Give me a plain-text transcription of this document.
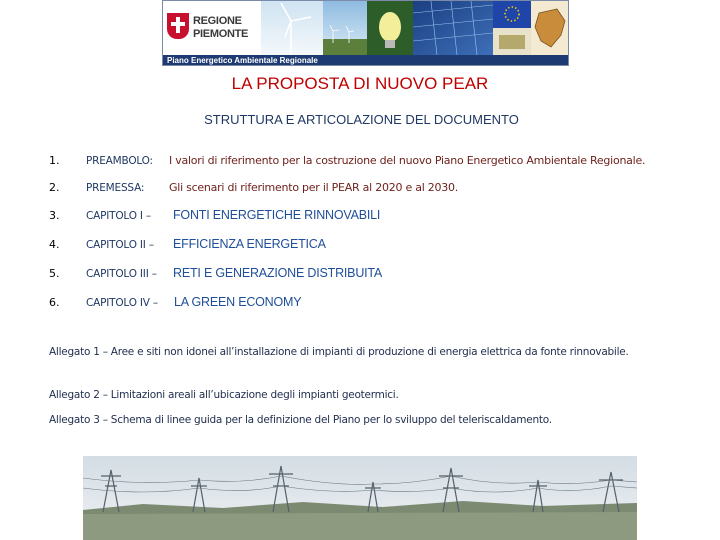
REGIONE
PIEMONTE
Piano Energetico Ambientale Regionale
LA PROPOSTA DI NUOVO PEAR
STRUTTURA E ARTICOLAZIONE DEL DOCUMENTO
1.	PREAMBOLO: I valori di riferimento per la costruzione del nuovo Piano Energetico Ambientale Regionale.
2.	PREMESSA: Gli scenari di riferimento per il PEAR al 2020 e al 2030.
3.	CAPITOLO I – FONTI ENERGETICHE RINNOVABILI
4.	CAPITOLO II – EFFICIENZA ENERGETICA
5.	CAPITOLO III – RETI E GENERAZIONE DISTRIBUITA
6.	CAPITOLO IV – LA GREEN ECONOMY
Allegato 1 – Aree e siti non idonei all’installazione di impianti di produzione di energia elettrica da fonte rinnovabile.
Allegato 2 – Limitazioni areali all’ubicazione degli impianti geotermici.
Allegato 3 – Schema di linee guida per la definizione del Piano per lo sviluppo del teleriscaldamento.
